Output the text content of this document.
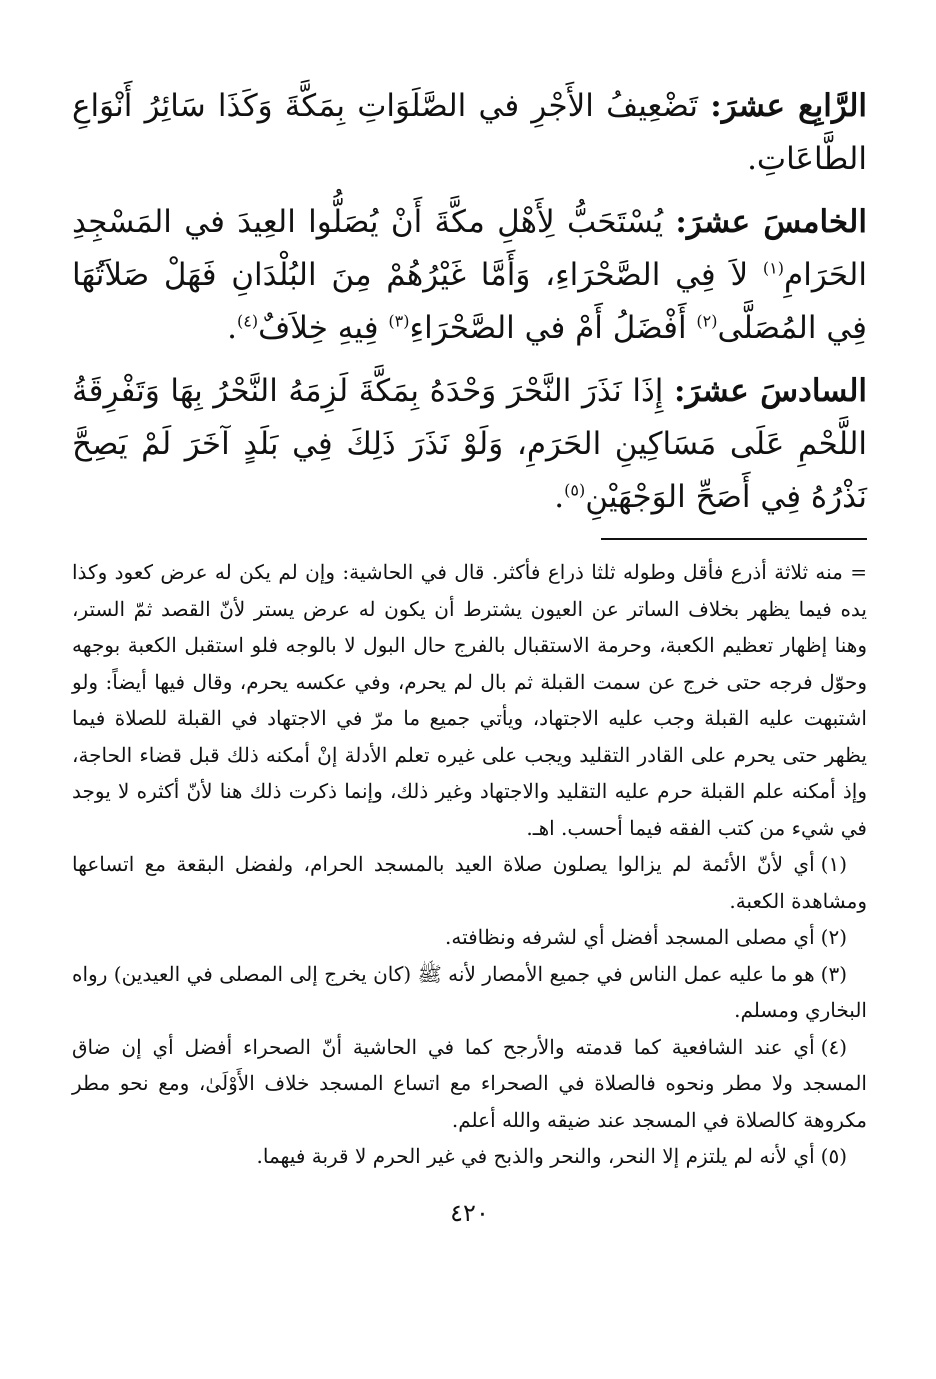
الرَّابِع عشرَ: تَضْعِيفُ الأَجْرِ في الصَّلَوَاتِ بِمَكَّةَ وَكَذَا سَائِرُ أَنْوَاعِ الطَّاعَاتِ.

الخامسَ عشرَ: يُسْتَحَبُّ لِأَهْلِ مكَّةَ أَنْ يُصَلُّوا العِيدَ في المَسْجِدِ الحَرَامِ$^{(١)}$ لاَ فِي الصَّحْرَاءِ، وَأَمَّا غَيْرُهُمْ مِنَ البُلْدَانِ فَهَلْ صَلاَتُهَا فِي المُصَلَّى$^{(٢)}$ أَفْضَلُ أَمْ في الصَّحْرَاءِ$^{(٣)}$ فِيهِ خِلاَفٌ$^{(٤)}$.

السادسَ عشرَ: إِذَا نَذَرَ النَّحْرَ وَحْدَهُ بِمَكَّةَ لَزِمَهُ النَّحْرُ بِهَا وَتَفْرِقَةُ اللَّحْمِ عَلَى مَسَاكِينِ الحَرَمِ، وَلَوْ نَذَرَ ذَلِكَ فِي بَلَدٍ آخَرَ لَمْ يَصِحَّ نَذْرُهُ فِي أَصَحِّ الوَجْهَيْنِ$^{(٥)}$.

= منه ثلاثة أذرع فأقل وطوله ثلثا ذراع فأكثر. قال في الحاشية: وإن لم يكن له عرض كعود وكذا يده فيما يظهر بخلاف الساتر عن العيون يشترط أن يكون له عرض يستر لأنّ القصد ثمّ الستر، وهنا إظهار تعظيم الكعبة، وحرمة الاستقبال بالفرج حال البول لا بالوجه فلو استقبل الكعبة بوجهه وحوّل فرجه حتى خرج عن سمت القبلة ثم بال لم يحرم، وفي عكسه يحرم، وقال فيها أيضاً: ولو اشتبهت عليه القبلة وجب عليه الاجتهاد، ويأتي جميع ما مرّ في الاجتهاد في القبلة للصلاة فيما يظهر حتى يحرم على القادر التقليد ويجب على غيره تعلم الأدلة إنْ أمكنه ذلك قبل قضاء الحاجة، وإذ أمكنه علم القبلة حرم عليه التقليد والاجتهاد وغير ذلك، وإنما ذكرت ذلك هنا لأنّ أكثره لا يوجد في شيء من كتب الفقه فيما أحسب. اهـ.

(١)أي لأنّ الأئمة لم يزالوا يصلون صلاة العيد بالمسجد الحرام، ولفضل البقعة مع اتساعها ومشاهدة الكعبة.

(٢)أي مصلى المسجد أفضل أي لشرفه ونظافته.

(٣)هو ما عليه عمل الناس في جميع الأمصار لأنه ﷺ (كان يخرج إلى المصلى في العيدين) رواه البخاري ومسلم.

(٤)أي عند الشافعية كما قدمته والأرجح كما في الحاشية أنّ الصحراء أفضل أي إن ضاق المسجد ولا مطر ونحوه فالصلاة في الصحراء مع اتساع المسجد خلاف الأَوْلَىٰ، ومع نحو مطر مكروهة كالصلاة في المسجد عند ضيقه والله أعلم.

(٥)أي لأنه لم يلتزم إلا النحر، والنحر والذبح في غير الحرم لا قربة فيهما.

٤٢٠
